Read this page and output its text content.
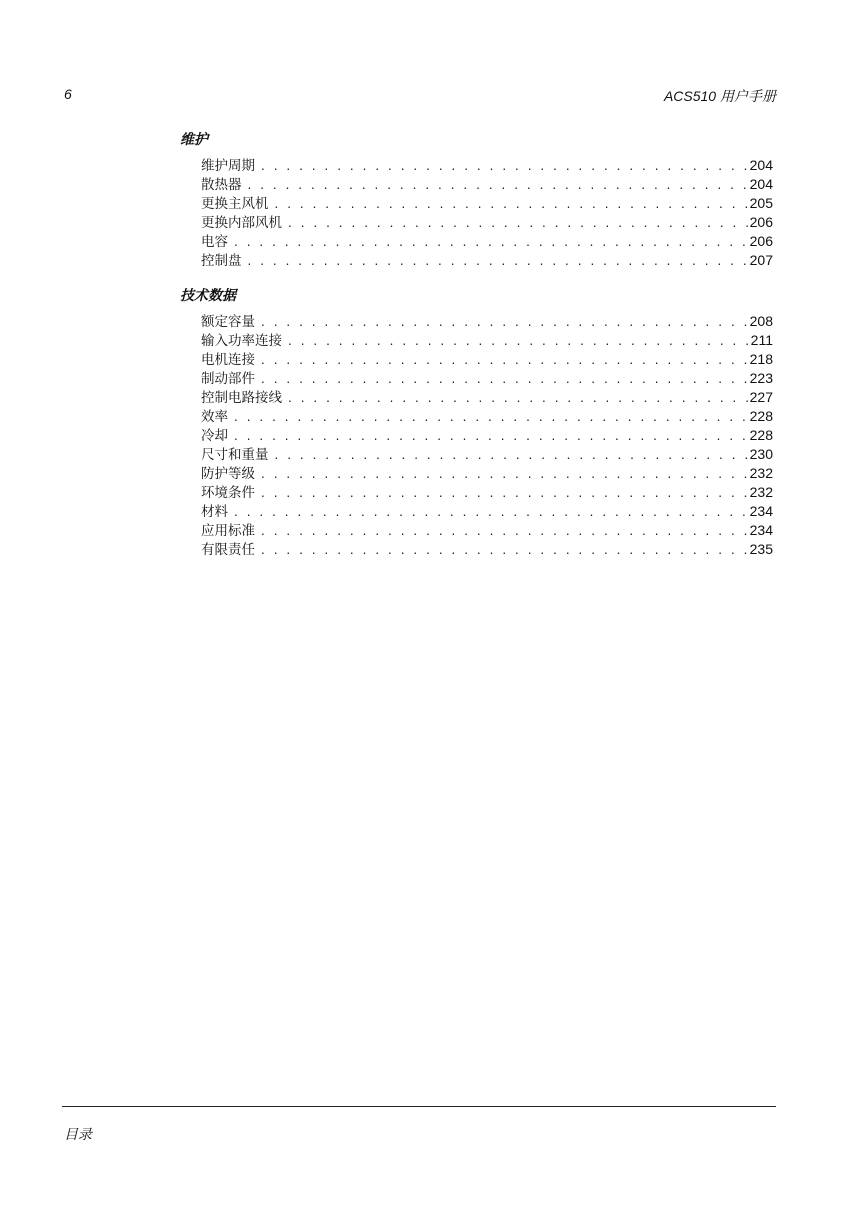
6	ACS510 用户手册
维护
维护周期 . . .	204
散热器 . . .	204
更换主风机 . . .	205
更换内部风机 . . .	206
电容 . . .	206
控制盘 . . .	207
技术数据
额定容量 . . .	208
输入功率连接 . . .	211
电机连接 . . .	218
制动部件 . . .	223
控制电路接线 . . .	227
效率 . . .	228
冷却 . . .	228
尺寸和重量 . . .	230
防护等级 . . .	232
环境条件 . . .	232
材料 . . .	234
应用标准 . . .	234
有限责任 . . .	235
目录
